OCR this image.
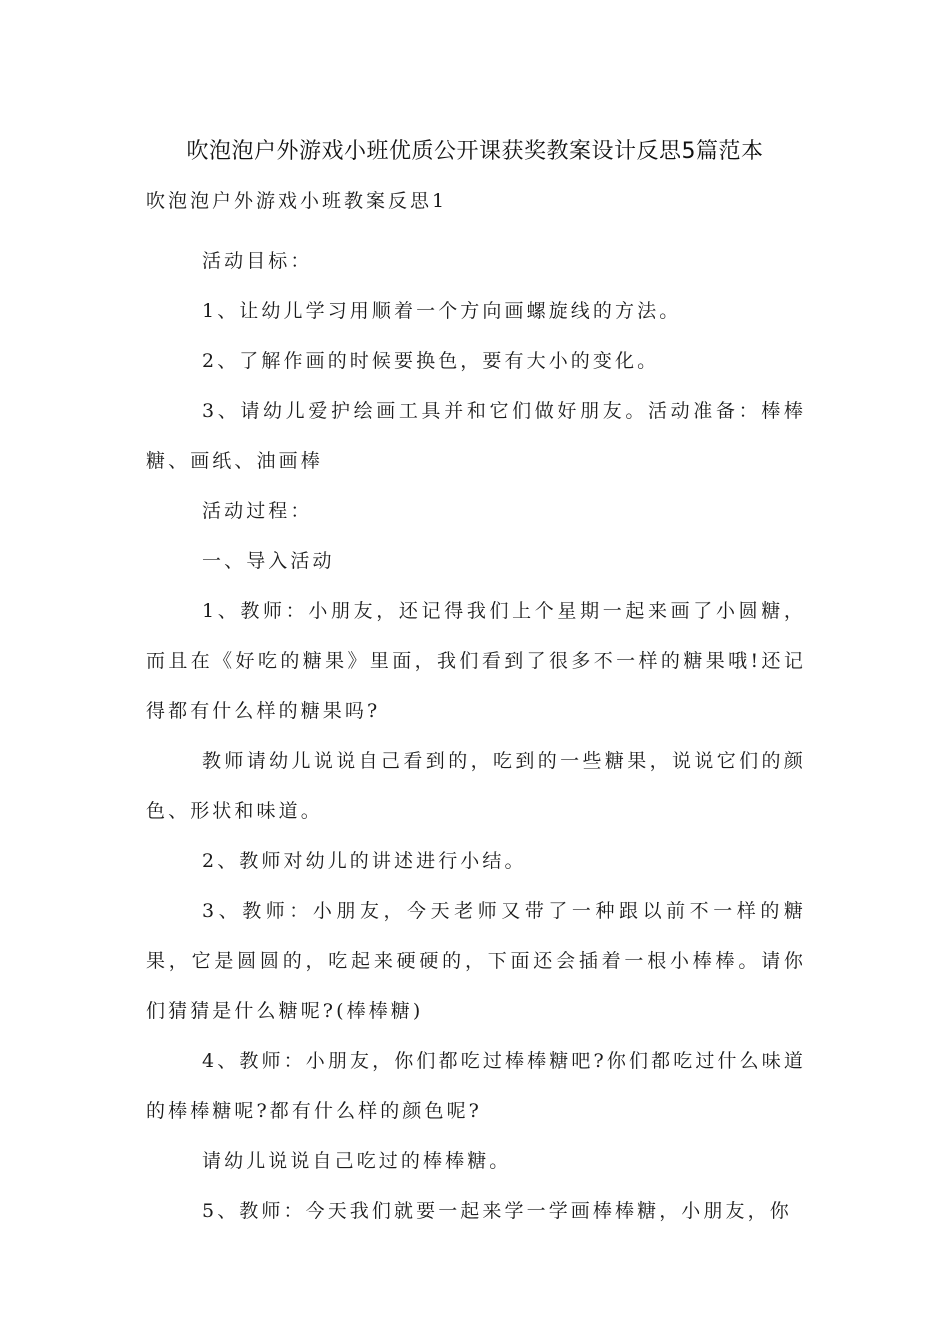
吹泡泡户外游戏小班优质公开课获奖教案设计反思5篇范本
吹泡泡户外游戏小班教案反思1

活动目标：

1、让幼儿学习用顺着一个方向画螺旋线的方法。

2、了解作画的时候要换色，要有大小的变化。

3、请幼儿爱护绘画工具并和它们做好朋友。活动准备：棒棒糖、画纸、油画棒

活动过程：

一、导入活动

1、教师：小朋友，还记得我们上个星期一起来画了小圆糖，而且在《好吃的糖果》里面，我们看到了很多不一样的糖果哦!还记得都有什么样的糖果吗?

教师请幼儿说说自己看到的，吃到的一些糖果，说说它们的颜色、形状和味道。

2、教师对幼儿的讲述进行小结。

3、教师：小朋友，今天老师又带了一种跟以前不一样的糖果，它是圆圆的，吃起来硬硬的，下面还会插着一根小棒棒。请你们猜猜是什么糖呢?(棒棒糖)

4、教师：小朋友，你们都吃过棒棒糖吧?你们都吃过什么味道的棒棒糖呢?都有什么样的颜色呢?

请幼儿说说自己吃过的棒棒糖。

5、教师：今天我们就要一起来学一学画棒棒糖，小朋友，你
